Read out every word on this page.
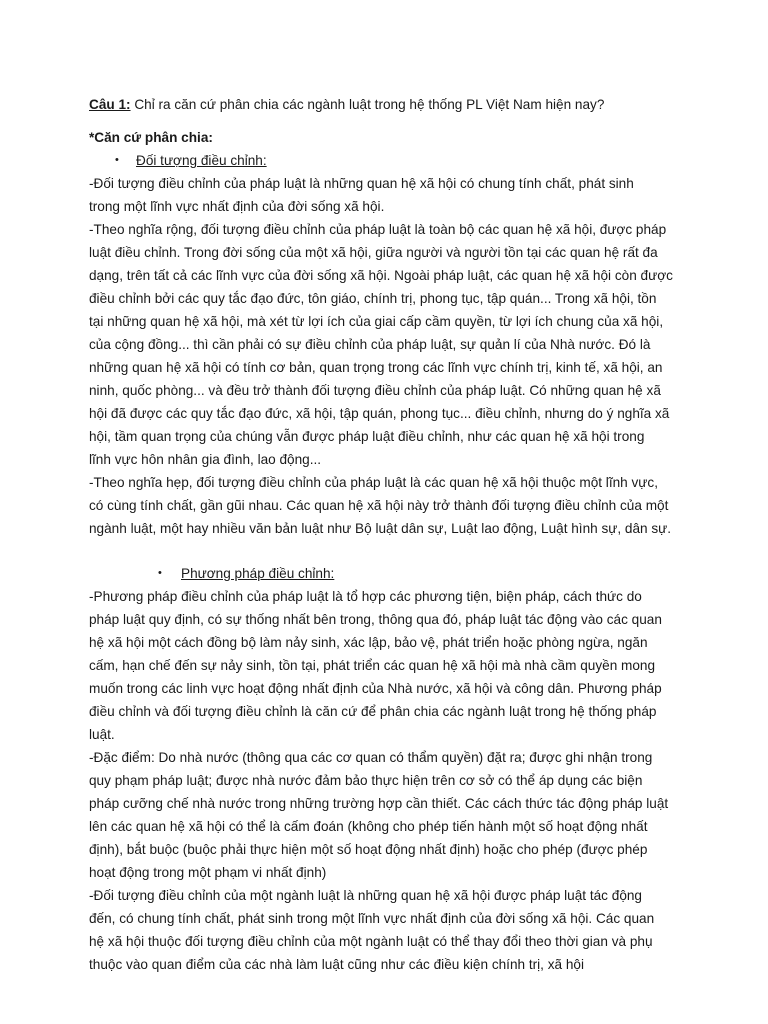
Câu 1: Chỉ ra căn cứ phân chia các ngành luật trong hệ thống PL Việt Nam hiện nay?
*Căn cứ phân chia:
• Đối tượng điều chỉnh:
-Đối tượng điều chỉnh của pháp luật là những quan hệ xã hội có chung tính chất, phát sinh
trong một lĩnh vực nhất định của đời sống xã hội.
-Theo nghĩa rộng, đối tượng điều chỉnh của pháp luật là toàn bộ các quan hệ xã hội, được pháp
luật điều chỉnh. Trong đời sống của một xã hội, giữa người và người tồn tại các quan hệ rất đa
dạng, trên tất cả các lĩnh vực của đời sống xã hội. Ngoài pháp luật, các quan hệ xã hội còn được
điều chỉnh bởi các quy tắc đạo đức, tôn giáo, chính trị, phong tục, tập quán... Trong xã hội, tồn
tại những quan hệ xã hội, mà xét từ lợi ích của giai cấp cầm quyền, từ lợi ích chung của xã hội,
của cộng đồng... thì cần phải có sự điều chỉnh của pháp luật, sự quản lí của Nhà nước. Đó là
những quan hệ xã hội có tính cơ bản, quan trọng trong các lĩnh vực chính trị, kinh tế, xã hội, an
ninh, quốc phòng... và đều trở thành đối tượng điều chỉnh của pháp luật. Có những quan hệ xã
hội đã được các quy tắc đạo đức, xã hội, tập quán, phong tục... điều chỉnh, nhưng do ý nghĩa xã
hội, tầm quan trọng của chúng vẫn được pháp luật điều chỉnh, như các quan hệ xã hội trong
lĩnh vực hôn nhân gia đình, lao động...
-Theo nghĩa hẹp, đối tượng điều chỉnh của pháp luật là các quan hệ xã hội thuộc một lĩnh vực,
có cùng tính chất, gần gũi nhau. Các quan hệ xã hội này trở thành đối tượng điều chỉnh của một
ngành luật, một hay nhiều văn bản luật như Bộ luật dân sự, Luật lao động, Luật hình sự, dân sự.
• Phương pháp điều chỉnh:
-Phương pháp điều chỉnh của pháp luật là tổ hợp các phương tiện, biện pháp, cách thức do
pháp luật quy định, có sự thống nhất bên trong, thông qua đó, pháp luật tác động vào các quan
hệ xã hội một cách đồng bộ làm nảy sinh, xác lập, bảo vệ, phát triển hoặc phòng ngừa, ngăn
cấm, hạn chế đến sự nảy sinh, tồn tại, phát triển các quan hệ xã hội mà nhà cầm quyền mong
muốn trong các linh vực hoạt động nhất định của Nhà nước, xã hội và công dân. Phương pháp
điều chỉnh và đối tượng điều chỉnh là căn cứ để phân chia các ngành luật trong hệ thống pháp
luật.
-Đặc điểm: Do nhà nước (thông qua các cơ quan có thẩm quyền) đặt ra; được ghi nhận trong
quy phạm pháp luật; được nhà nước đảm bảo thực hiện trên cơ sở có thể áp dụng các biện
pháp cưỡng chế nhà nước trong những trường hợp cần thiết. Các cách thức tác động pháp luật
lên các quan hệ xã hội có thể là cấm đoán (không cho phép tiến hành một số hoạt động nhất
định), bắt buộc (buộc phải thực hiện một số hoạt động nhất định) hoặc cho phép (được phép
hoạt động trong một phạm vi nhất định)
-Đối tượng điều chỉnh của một ngành luật là những quan hệ xã hội được pháp luật tác động
đến, có chung tính chất, phát sinh trong một lĩnh vực nhất định của đời sống xã hội. Các quan
hệ xã hội thuộc đối tượng điều chỉnh của một ngành luật có thể thay đổi theo thời gian và phụ
thuộc vào quan điểm của các nhà làm luật cũng như các điều kiện chính trị, xã hội
